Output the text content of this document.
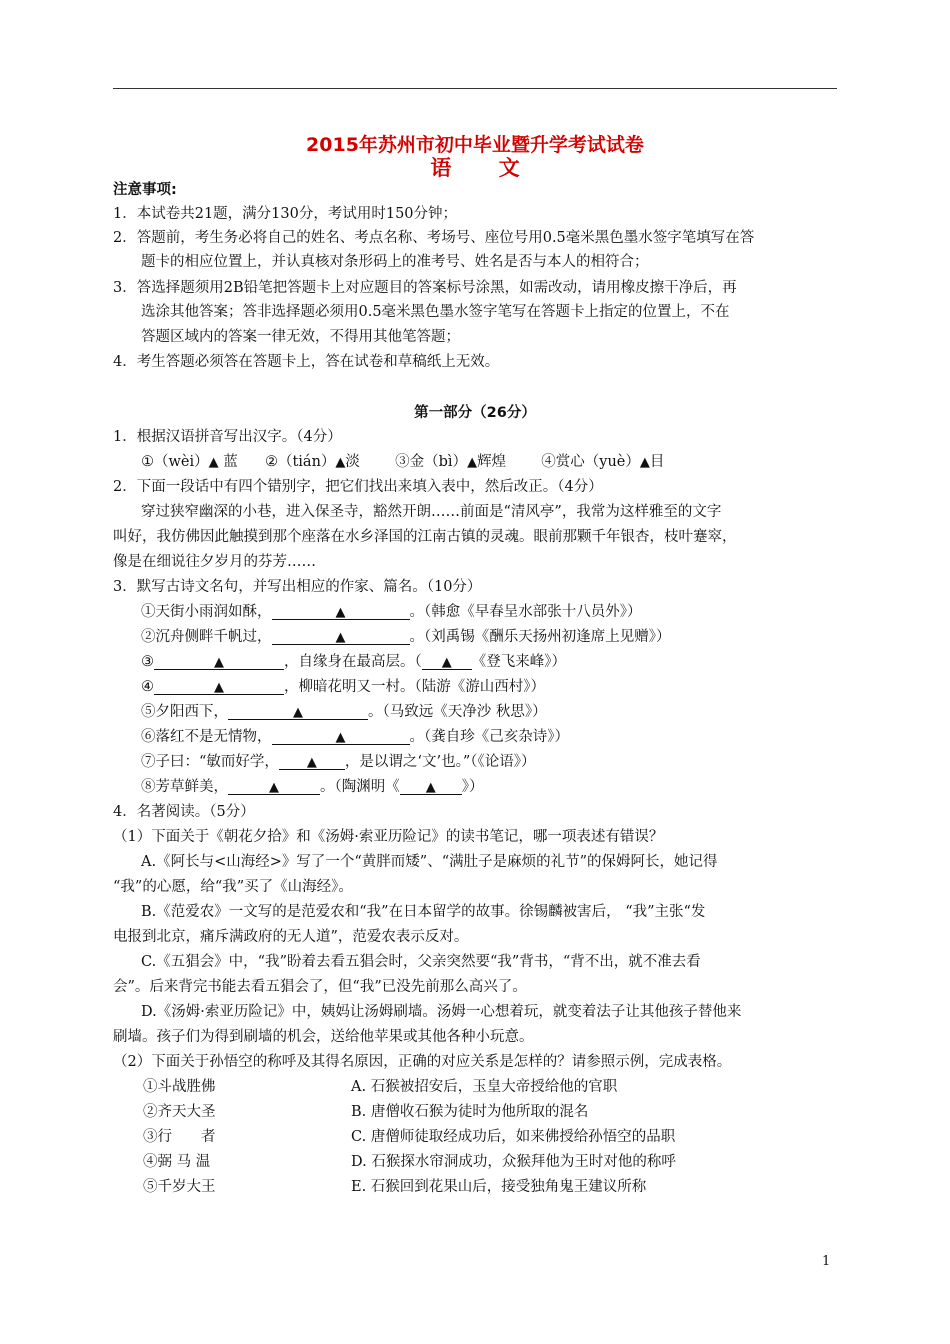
2015年苏州市初中毕业暨升学考试试卷
语 文
注意事项:
1．本试卷共21题，满分130分，考试用时150分钟；
2．答题前，考生务必将自己的姓名、考点名称、考场号、座位号用0.5毫米黑色墨水签字笔填写在答
题卡的相应位置上，并认真核对条形码上的准考号、姓名是否与本人的相符合；
3．答选择题须用2B铅笔把答题卡上对应题目的答案标号涂黑，如需改动，请用橡皮擦干净后，再
选涂其他答案；答非选择题必须用0.5毫米黑色墨水签字笔写在答题卡上指定的位置上，不在
答题区域内的答案一律无效，不得用其他笔答题；
4．考生答题必须答在答题卡上，答在试卷和草稿纸上无效。
第一部分（26分）
1．根据汉语拼音写出汉字。（4分）
①（wèi）▲ 蓝 ②（tián）▲淡 ③金（bì）▲辉煌 ④赏心（yuè）▲目
2．下面一段话中有四个错别字，把它们找出来填入表中，然后改正。（4分）
穿过狭窄幽深的小巷，进入保圣寺，豁然开朗……前面是“清风亭”，我常为这样雅至的文字
叫好，我仿佛因此触摸到那个座落在水乡泽国的江南古镇的灵魂。眼前那颗千年银杏，枝叶蹇窣，
像是在细说往夕岁月的芬芳……
3．默写古诗文名句，并写出相应的作家、篇名。（10分）
①天街小雨润如酥，	▲	。（韩愈《早春呈水部张十八员外》）
②沉舟侧畔千帆过，	▲	。（刘禹锡《酬乐天扬州初逢席上见赠》）
③	▲	，自缘身在最高层。（ ▲ 《登飞来峰》）
④	▲	，柳暗花明又一村。（陆游《游山西村》）
⑤夕阳西下，	▲	。（马致远《天净沙 秋思》）
⑥落红不是无情物，	▲	。（龚自珍《己亥杂诗》）
⑦子曰：“敏而好学， ▲ ，是以谓之‘文’也。”（《论语》）
⑧芳草鲜美，	▲	。（陶渊明《 ▲ 》）
4．名著阅读。（5分）
（1）下面关于《朝花夕拾》和《汤姆·索亚历险记》的读书笔记，哪一项表述有错误？
A.《阿长与<山海经>》写了一个“黄胖而矮”、“满肚子是麻烦的礼节”的保姆阿长，她记得
“我”的心愿，给“我”买了《山海经》。
B.《范爱农》一文写的是范爱农和“我”在日本留学的故事。徐锡麟被害后， “我”主张“发
电报到北京，痛斥满政府的无人道”，范爱农表示反对。
C.《五猖会》中，“我”盼着去看五猖会时，父亲突然要“我”背书，“背不出，就不准去看
会”。后来背完书能去看五猖会了，但“我”已没先前那么高兴了。
D.《汤姆·索亚历险记》中，姨妈让汤姆刷墙。汤姆一心想着玩，就变着法子让其他孩子替他来
刷墙。孩子们为得到刷墙的机会，送给他苹果或其他各种小玩意。
（2）下面关于孙悟空的称呼及其得名原因，正确的对应关系是怎样的？请参照示例，完成表格。
①斗战胜佛	A. 石猴被招安后，玉皇大帝授给他的官职
②齐天大圣	B. 唐僧收石猴为徒时为他所取的混名
③行　　者	C. 唐僧师徒取经成功后，如来佛授给孙悟空的品职
④弼 马 温	D. 石猴探水帘洞成功，众猴拜他为王时对他的称呼
⑤千岁大王	E. 石猴回到花果山后，接受独角鬼王建议所称
1
